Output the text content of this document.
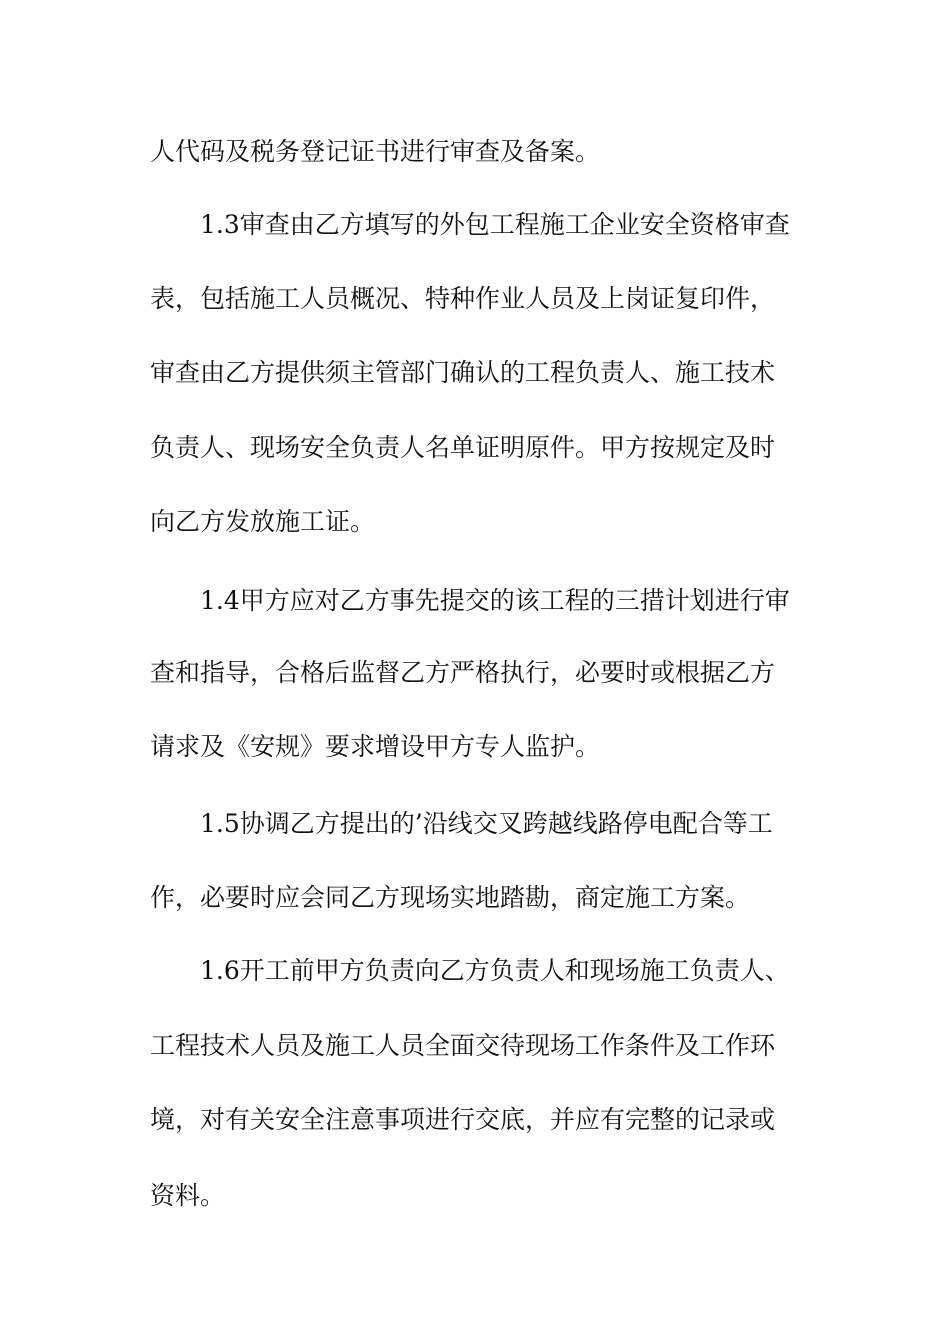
人代码及税务登记证书进行审查及备案。

1.3审查由乙方填写的外包工程施工企业安全资格审查

表，包括施工人员概况、特种作业人员及上岗证复印件，

审查由乙方提供须主管部门确认的工程负责人、施工技术

负责人、现场安全负责人名单证明原件。甲方按规定及时

向乙方发放施工证。

1.4甲方应对乙方事先提交的该工程的三措计划进行审

查和指导，合格后监督乙方严格执行，必要时或根据乙方

请求及《安规》要求增设甲方专人监护。

1.5协调乙方提出的’沿线交叉跨越线路停电配合等工

作，必要时应会同乙方现场实地踏勘，商定施工方案。

1.6开工前甲方负责向乙方负责人和现场施工负责人、

工程技术人员及施工人员全面交待现场工作条件及工作环

境，对有关安全注意事项进行交底，并应有完整的记录或

资料。
